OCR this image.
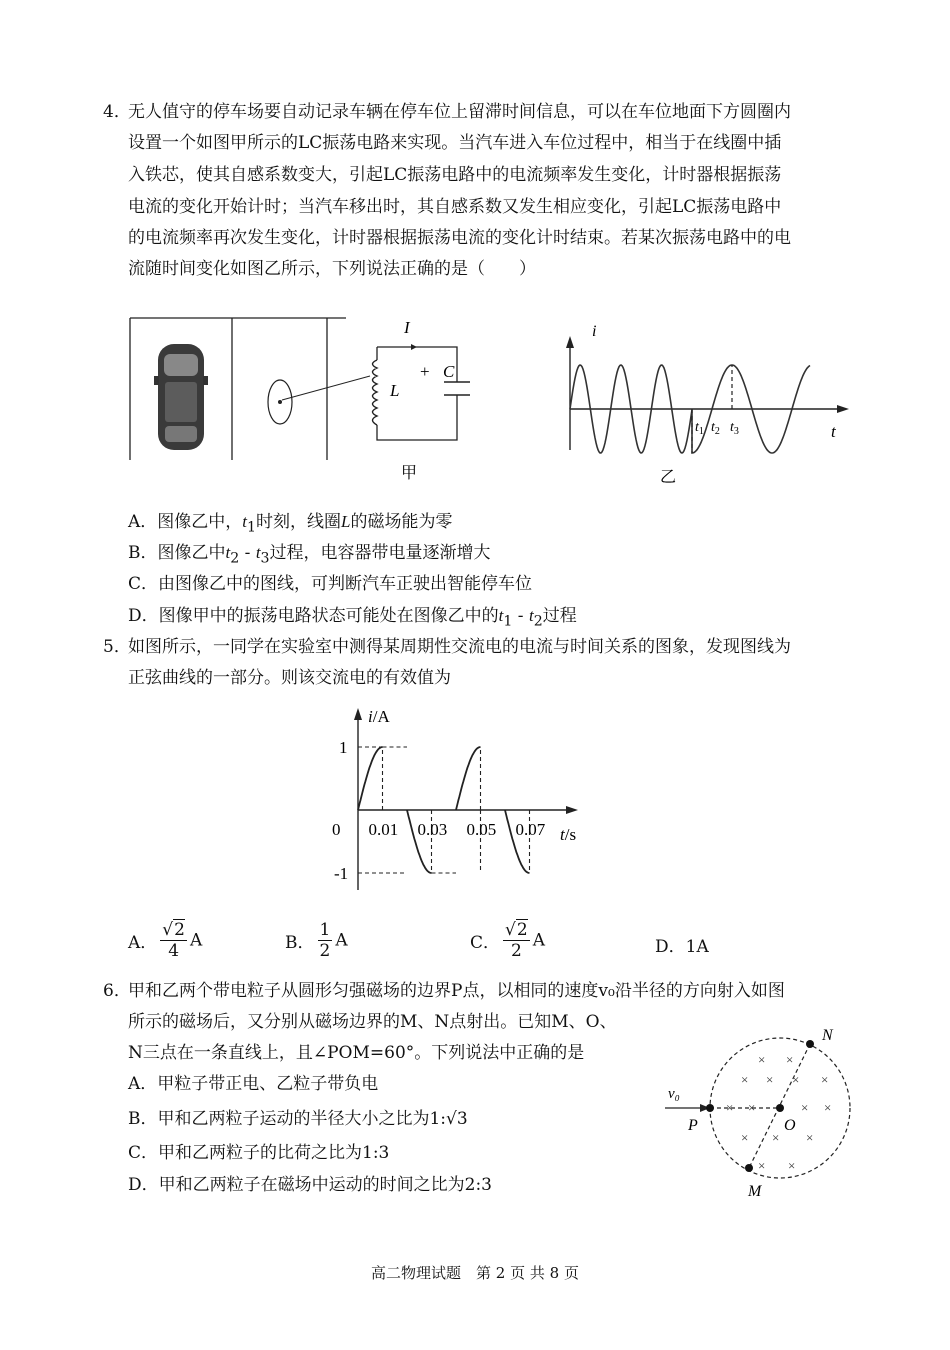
4．
无人值守的停车场要自动记录车辆在停车位上留滞时间信息，可以在车位地面下方圆圈内
设置一个如图甲所示的LC振荡电路来实现。当汽车进入车位过程中，相当于在线圈中插
入铁芯，使其自感系数变大，引起LC振荡电路中的电流频率发生变化，计时器根据振荡
电流的变化开始计时；当汽车移出时，其自感系数又发生相应变化，引起LC振荡电路中
的电流频率再次发生变化，计时器根据振荡电流的变化计时结束。若某次振荡电路中的电
流随时间变化如图乙所示，下列说法正确的是（　　）
I
L
+ C
甲
i
t
$t_1$ $t_2$ $t_3$
乙
A．图像乙中，$t_1$时刻，线圈L的磁场能为零
B．图像乙中$t_2 - t_3$过程，电容器带电量逐渐增大
C．由图像乙中的图线，可判断汽车正驶出智能停车位
D．图像甲中的振荡电路状态可能处在图像乙中的$t_1 - t_2$过程
5．
如图所示，一同学在实验室中测得某周期性交流电的电流与时间关系的图象，发现图线为
正弦曲线的一部分。则该交流电的有效值为
0.01 0.03 0.05 0.07
1
-1
i/A
t/s
0
A． $\frac{√2}{4}$ A	B． $\frac{1}{2}$ A	C． $\frac{√2}{2}$ A	D．1A
6．
甲和乙两个带电粒子从圆形匀强磁场的边界P点，以相同的速度v₀沿半径的方向射入如图
所示的磁场后，又分别从磁场边界的M、N点射出。已知M、O、
N三点在一条直线上，且∠POM=60°。下列说法中正确的是
A．甲粒子带正电、乙粒子带负电
B．甲和乙两粒子运动的半径大小之比为1:√3
C．甲和乙两粒子的比荷之比为1:3
D．甲和乙两粒子在磁场中运动的时间之比为2:3
× ×
× × × ×
× ×	× ×
× × ×
× ×
v₀
P	O
N
M
高二物理试题　第 2 页 共 8 页
